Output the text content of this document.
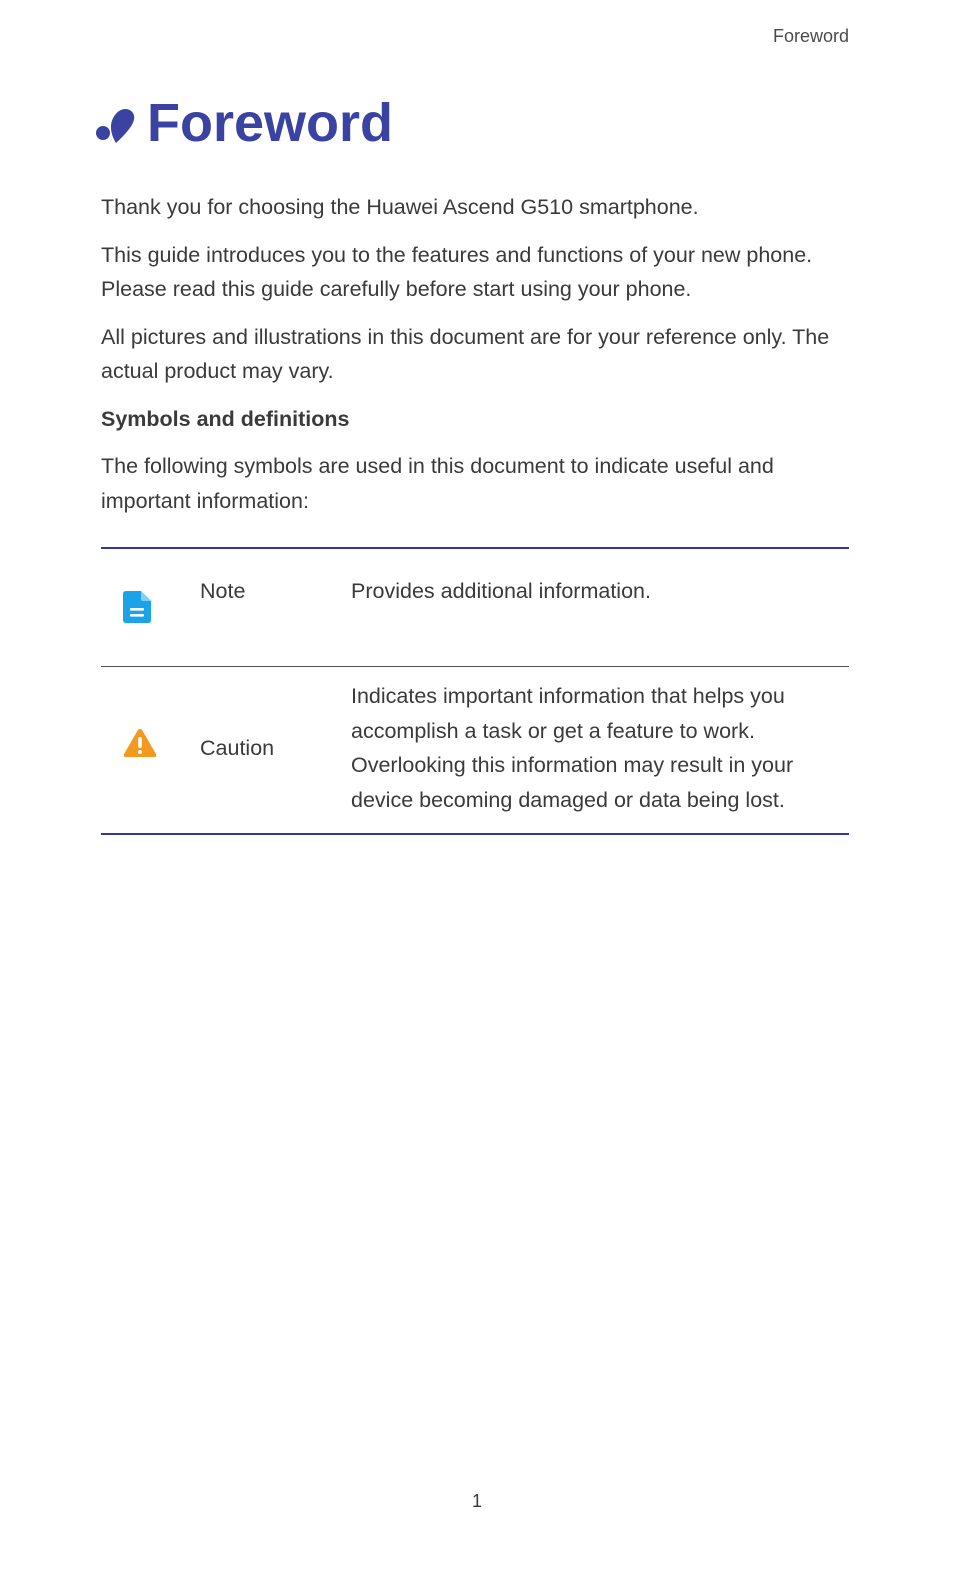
Foreword
Foreword

Thank you for choosing the Huawei Ascend G510 smartphone.

This guide introduces you to the features and functions of your new phone. Please read this guide carefully before start using your phone.

All pictures and illustrations in this document are for your reference only. The actual product may vary.

Symbols and definitions

The following symbols are used in this document to indicate useful and important information:

	Note	Provides additional information.
	Caution	Indicates important information that helps you accomplish a task or get a feature to work. Overlooking this information may result in your device becoming damaged or data being lost.
1
